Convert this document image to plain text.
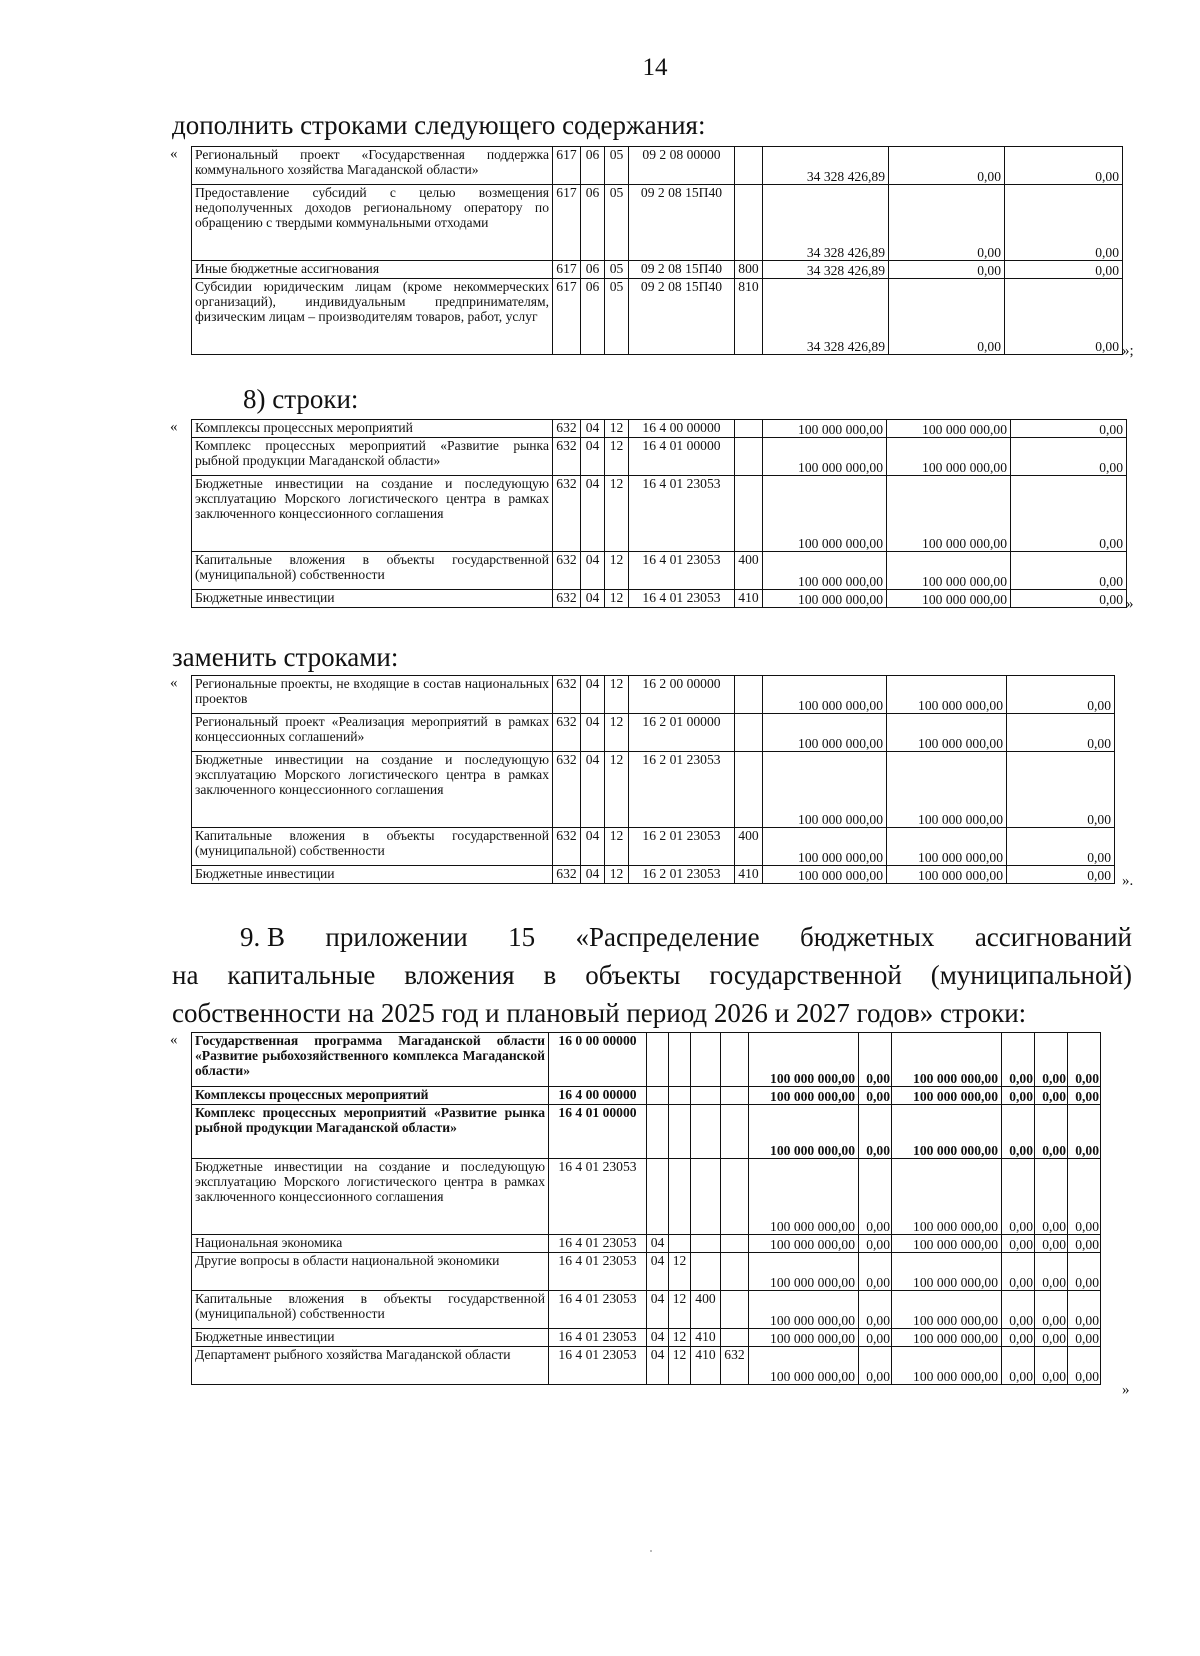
14
дополнить строками следующего содержания:
« Региональный проект «Государственная поддержка коммунального хозяйства Магаданской области»	617	06	05	09 2 08 00000		34 328 426,89	0,00	0,00
Предоставление субсидий с целью возмещения недополученных доходов региональному оператору по обращению с твердыми коммунальными отходами	617	06	05	09 2 08 15П40		34 328 426,89	0,00	0,00
Иные бюджетные ассигнования	617	06	05	09 2 08 15П40	800	34 328 426,89	0,00	0,00
Субсидии юридическим лицам (кроме некоммерческих организаций), индивидуальным предпринимателям, физическим лицам – производителям товаров, работ, услуг	617	06	05	09 2 08 15П40	810	34 328 426,89	0,00	0,00 »;
8) строки:
« Комплексы процессных мероприятий	632	04	12	16 4 00 00000		100 000 000,00	100 000 000,00	0,00
Комплекс процессных мероприятий «Развитие рынка рыбной продукции Магаданской области»	632	04	12	16 4 01 00000		100 000 000,00	100 000 000,00	0,00
Бюджетные инвестиции на создание и последующую эксплуатацию Морского логистического центра в рамках заключенного концессионного соглашения	632	04	12	16 4 01 23053		100 000 000,00	100 000 000,00	0,00
Капитальные вложения в объекты государственной (муниципальной) собственности	632	04	12	16 4 01 23053	400	100 000 000,00	100 000 000,00	0,00
Бюджетные инвестиции	632	04	12	16 4 01 23053	410	100 000 000,00	100 000 000,00	0,00 »
заменить строками:
« Региональные проекты, не входящие в состав национальных проектов	632	04	12	16 2 00 00000		100 000 000,00	100 000 000,00	0,00
Региональный проект «Реализация мероприятий в рамках концессионных соглашений»	632	04	12	16 2 01 00000		100 000 000,00	100 000 000,00	0,00
Бюджетные инвестиции на создание и последующую эксплуатацию Морского логистического центра в рамках заключенного концессионного соглашения	632	04	12	16 2 01 23053		100 000 000,00	100 000 000,00	0,00
Капитальные вложения в объекты государственной (муниципальной) собственности	632	04	12	16 2 01 23053	400	100 000 000,00	100 000 000,00	0,00
Бюджетные инвестиции	632	04	12	16 2 01 23053	410	100 000 000,00	100 000 000,00	0,00 ».
9. В приложении 15 «Распределение бюджетных ассигнований
на капитальные вложения в объекты государственной (муниципальной)
собственности на 2025 год и плановый период 2026 и 2027 годов» строки:
« Государственная программа Магаданской области «Развитие рыбохозяйственного комплекса Магаданской области»	16 0 00 00000					100 000 000,00	0,00	100 000 000,00	0,00	0,00	0,00
Комплексы процессных мероприятий	16 4 00 00000					100 000 000,00	0,00	100 000 000,00	0,00	0,00	0,00
Комплекс процессных мероприятий «Развитие рынка рыбной продукции Магаданской области»	16 4 01 00000					100 000 000,00	0,00	100 000 000,00	0,00	0,00	0,00
Бюджетные инвестиции на создание и последующую эксплуатацию Морского логистического центра в рамках заключенного концессионного соглашения	16 4 01 23053					100 000 000,00	0,00	100 000 000,00	0,00	0,00	0,00
Национальная экономика	16 4 01 23053	04				100 000 000,00	0,00	100 000 000,00	0,00	0,00	0,00
Другие вопросы в области национальной экономики	16 4 01 23053	04	12			100 000 000,00	0,00	100 000 000,00	0,00	0,00	0,00
Капитальные вложения в объекты государственной (муниципальной) собственности	16 4 01 23053	04	12	400		100 000 000,00	0,00	100 000 000,00	0,00	0,00	0,00
Бюджетные инвестиции	16 4 01 23053	04	12	410		100 000 000,00	0,00	100 000 000,00	0,00	0,00	0,00
Департамент рыбного хозяйства Магаданской области	16 4 01 23053	04	12	410	632	100 000 000,00	0,00	100 000 000,00	0,00	0,00	0,00
»
